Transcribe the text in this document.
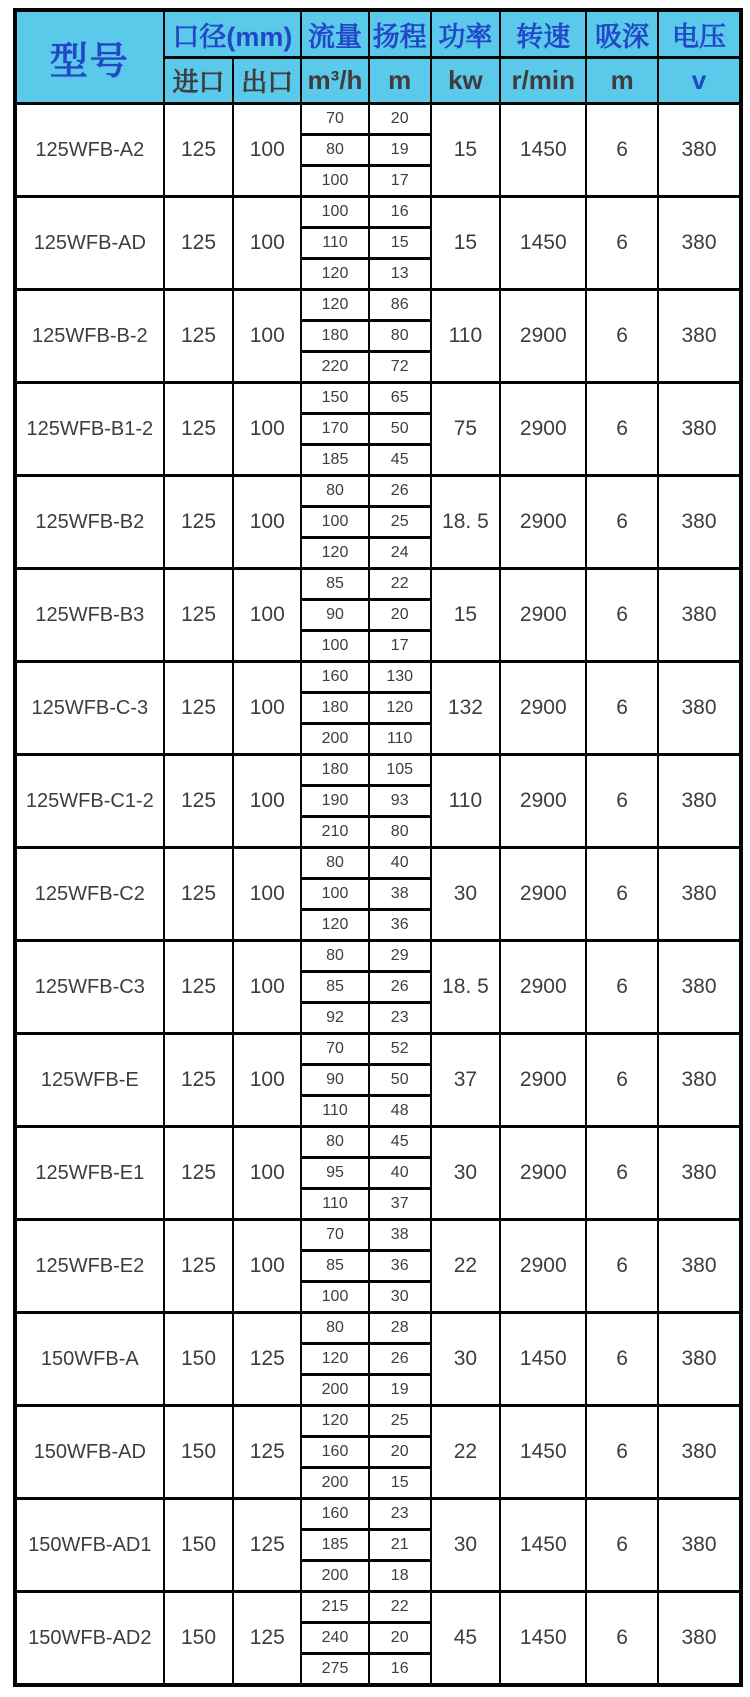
型号	口径(mm)		流量	扬程	功率	转速	吸深	电压
	进口	出口	m³/h	m	kw	r/min	m	v
125WFB-A2	125	100	70	20	15	1450	6	380
			80	19				
			100	17				
125WFB-AD	125	100	100	16	15	1450	6	380
			110	15				
			120	13				
125WFB-B-2	125	100	120	86	110	2900	6	380
			180	80				
			220	72				
125WFB-B1-2	125	100	150	65	75	2900	6	380
			170	50				
			185	45				
125WFB-B2	125	100	80	26	18. 5	2900	6	380
			100	25				
			120	24				
125WFB-B3	125	100	85	22	15	2900	6	380
			90	20				
			100	17				
125WFB-C-3	125	100	160	130	132	2900	6	380
			180	120				
			200	110				
125WFB-C1-2	125	100	180	105	110	2900	6	380
			190	93				
			210	80				
125WFB-C2	125	100	80	40	30	2900	6	380
			100	38				
			120	36				
125WFB-C3	125	100	80	29	18. 5	2900	6	380
			85	26				
			92	23				
125WFB-E	125	100	70	52	37	2900	6	380
			90	50				
			110	48				
125WFB-E1	125	100	80	45	30	2900	6	380
			95	40				
			110	37				
125WFB-E2	125	100	70	38	22	2900	6	380
			85	36				
			100	30				
150WFB-A	150	125	80	28	30	1450	6	380
			120	26				
			200	19				
150WFB-AD	150	125	120	25	22	1450	6	380
			160	20				
			200	15				
150WFB-AD1	150	125	160	23	30	1450	6	380
			185	21				
			200	18				
150WFB-AD2	150	125	215	22	45	1450	6	380
			240	20				
			275	16				
